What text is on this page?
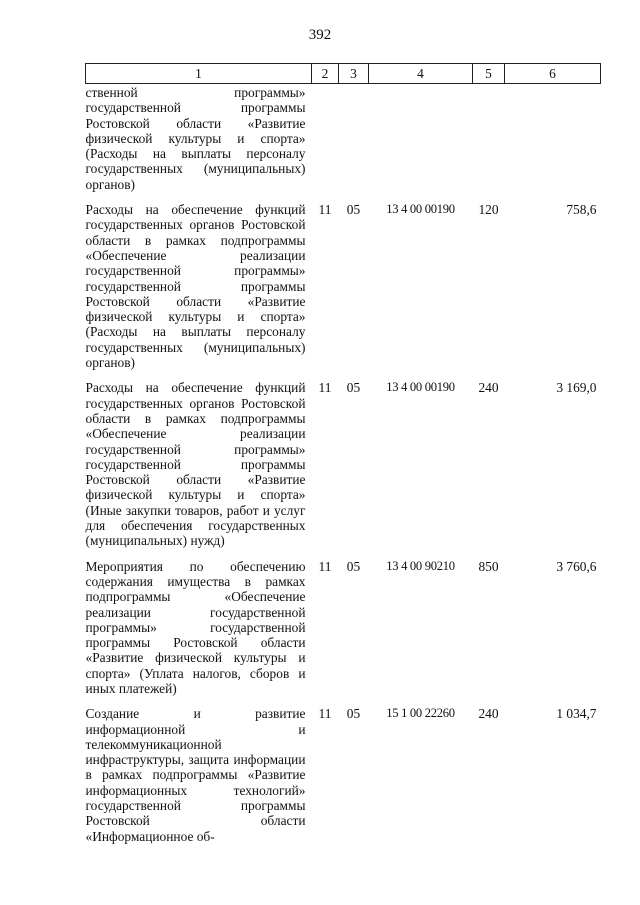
392
1	2	3	4	5	6
ственной программы» государственной программы Ростовской области «Развитие физической культуры и спорта» (Расходы на выплаты персоналу государственных (муниципальных) органов)					
Расходы на обеспечение функций государственных органов Ростовской области в рамках подпрограммы «Обеспечение реализации государственной программы» государственной программы Ростовской области «Развитие физической культуры и спорта» (Расходы на выплаты персоналу государственных (муниципальных) органов)	11	05	13 4 00 00190	120	758,6
Расходы на обеспечение функций государственных органов Ростовской области в рамках подпрограммы «Обеспечение реализации государственной программы» государственной программы Ростовской области «Развитие физической культуры и спорта» (Иные закупки товаров, работ и услуг для обеспечения государственных (муниципальных) нужд)	11	05	13 4 00 00190	240	3 169,0
Мероприятия по обеспечению содержания имущества в рамках подпрограммы «Обеспечение реализации государственной программы» государственной программы Ростовской области «Развитие физической культуры и спорта» (Уплата налогов, сборов и иных платежей)	11	05	13 4 00 90210	850	3 760,6
Создание и развитие информационной и телекоммуникационной инфраструктуры, защита информации в рамках подпрограммы «Развитие информационных технологий» государственной программы Ростовской области «Информационное об-	11	05	15 1 00 22260	240	1 034,7
